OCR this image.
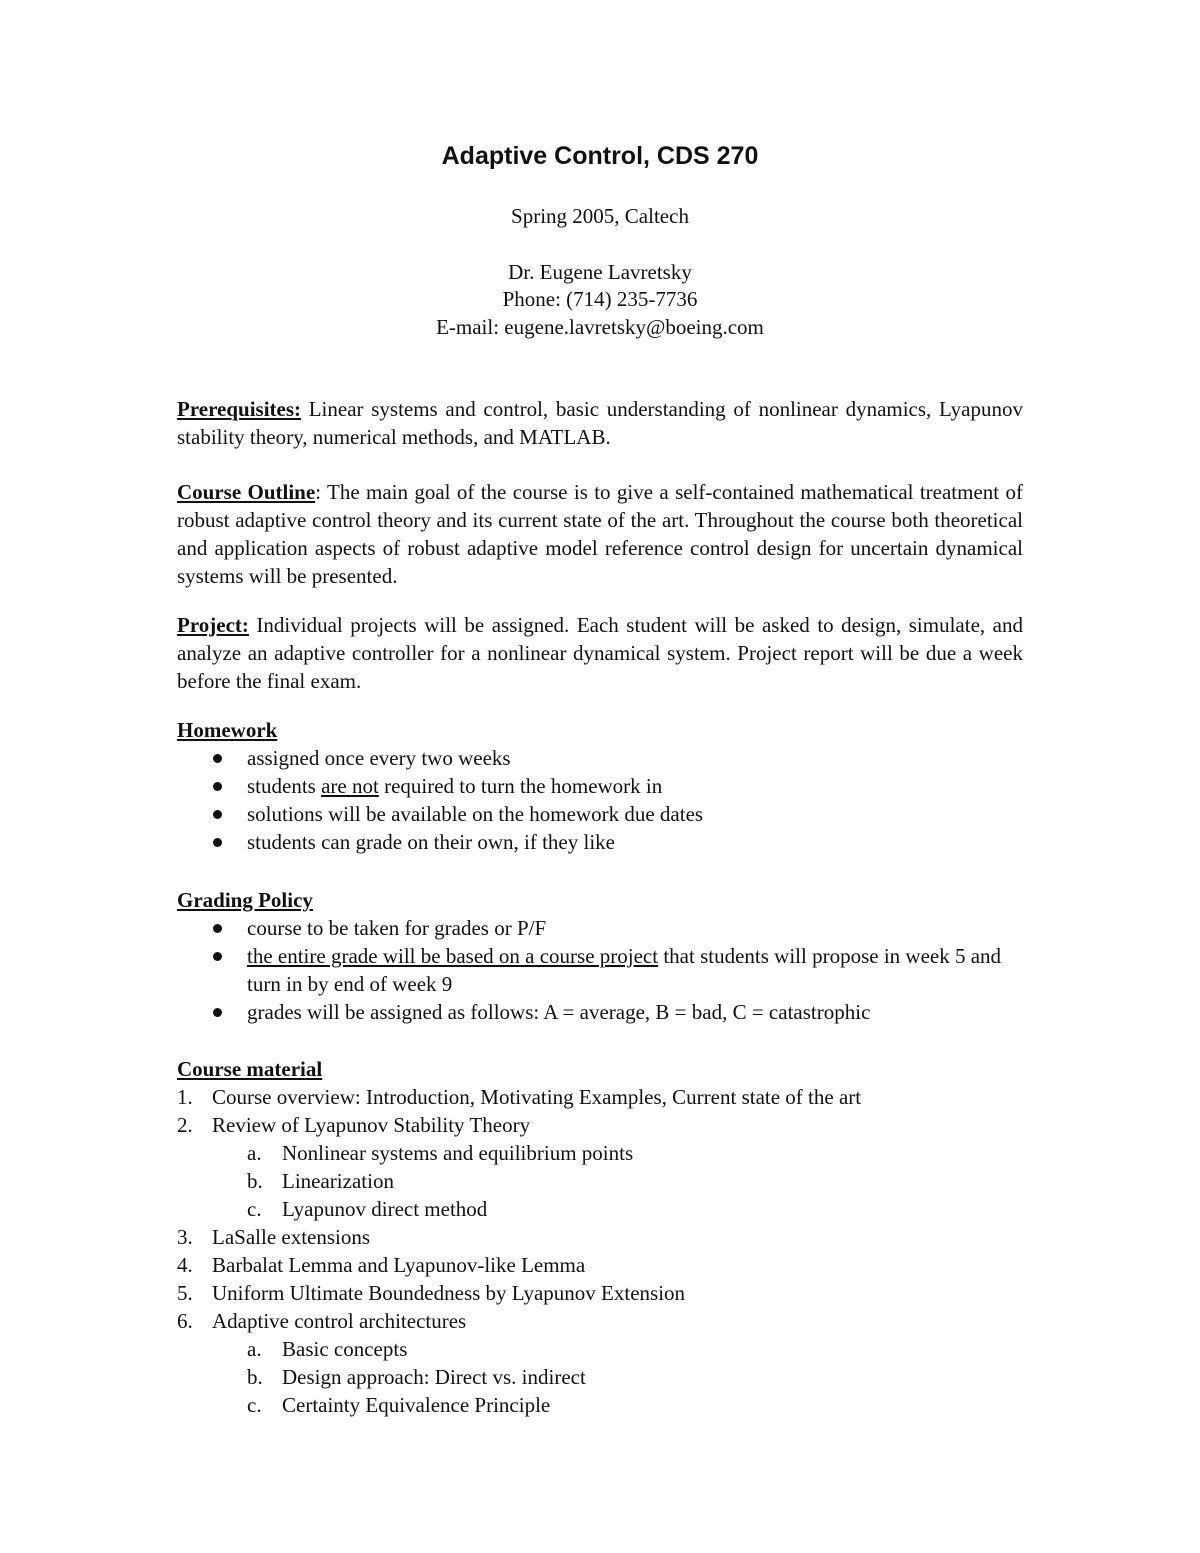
Adaptive Control, CDS 270
Spring 2005, Caltech
Dr. Eugene Lavretsky
Phone: (714) 235-7736
E-mail: eugene.lavretsky@boeing.com

Prerequisites: Linear systems and control, basic understanding of nonlinear dynamics, Lyapunov stability theory, numerical methods, and MATLAB.

Course Outline: The main goal of the course is to give a self-contained mathematical treatment of robust adaptive control theory and its current state of the art. Throughout the course both theoretical and application aspects of robust adaptive model reference control design for uncertain dynamical systems will be presented.

Project: Individual projects will be assigned. Each student will be asked to design, simulate, and analyze an adaptive controller for a nonlinear dynamical system. Project report will be due a week before the final exam.

Homework

assigned once every two weeks
students are not required to turn the homework in
solutions will be available on the homework due dates
students can grade on their own, if they like

Grading Policy

course to be taken for grades or P/F
the entire grade will be based on a course project that students will propose in week 5 and turn in by end of week 9
grades will be assigned as follows: A = average, B = bad, C = catastrophic

Course material

1. Course overview: Introduction, Motivating Examples, Current state of the art
2. Review of Lyapunov Stability Theory
a. Nonlinear systems and equilibrium points
b. Linearization
c. Lyapunov direct method
3. LaSalle extensions
4. Barbalat Lemma and Lyapunov-like Lemma
5. Uniform Ultimate Boundedness by Lyapunov Extension
6. Adaptive control architectures
a. Basic concepts
b. Design approach: Direct vs. indirect
c. Certainty Equivalence Principle
